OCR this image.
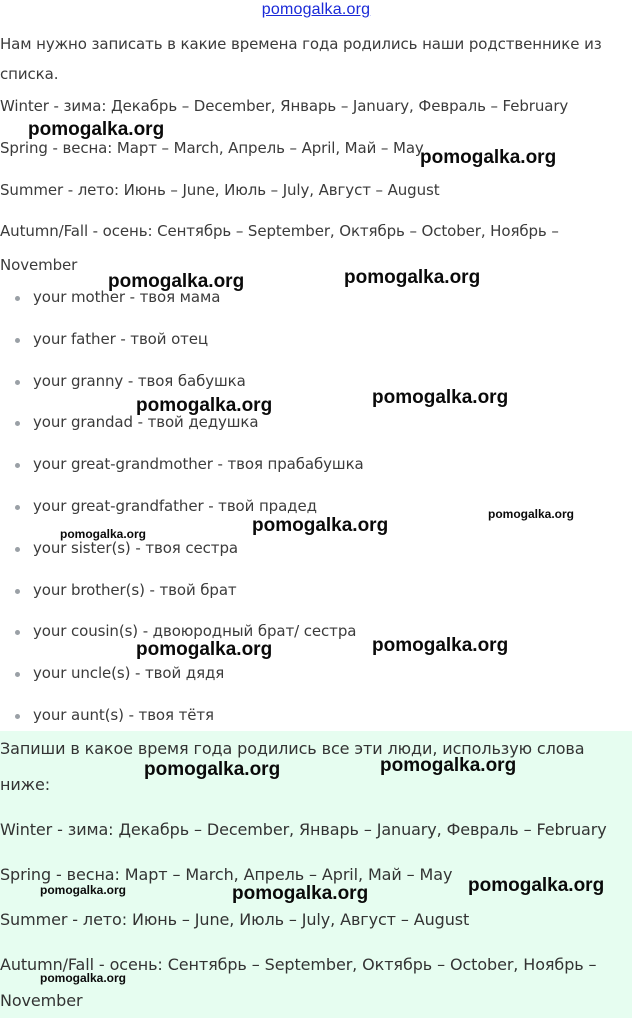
pomogalka.org
Нам нужно записать в какие времена года родились наши родственнике из
списка.
Winter - зима: Декабрь – December, Январь – January, Февраль – February
Spring - весна: Март – March, Апрель – April, Май – May
Summer - лето: Июнь – June, Июль – July, Август – August
Autumn/Fall - осень: Сентябрь – September, Октябрь – October, Ноябрь –
November
your mother - твоя мама
your father - твой отец
your granny - твоя бабушка
your grandad - твой дедушка
your great-grandmother - твоя прабабушка
your great-grandfather - твой прадед
your sister(s) - твоя сестра
your brother(s) - твой брат
your cousin(s) - двоюродный брат/ сестра
your uncle(s) - твой дядя
your aunt(s) - твоя тётя
Запиши в какое время года родились все эти люди, использую слова
ниже:
Winter - зима: Декабрь – December, Январь – January, Февраль – February
Spring - весна: Март – March, Апрель – April, Май – May
Summer - лето: Июнь – June, Июль – July, Август – August
Autumn/Fall - осень: Сентябрь – September, Октябрь – October, Ноябрь –
November
pomogalka.org
pomogalka.org
pomogalka.org	pomogalka.org
pomogalka.org	pomogalka.org
pomogalka.org
pomogalka.org
pomogalka.org
pomogalka.org	pomogalka.org
pomogalka.org	pomogalka.org
pomogalka.org	pomogalka.org	pomogalka.org
pomogalka.org
